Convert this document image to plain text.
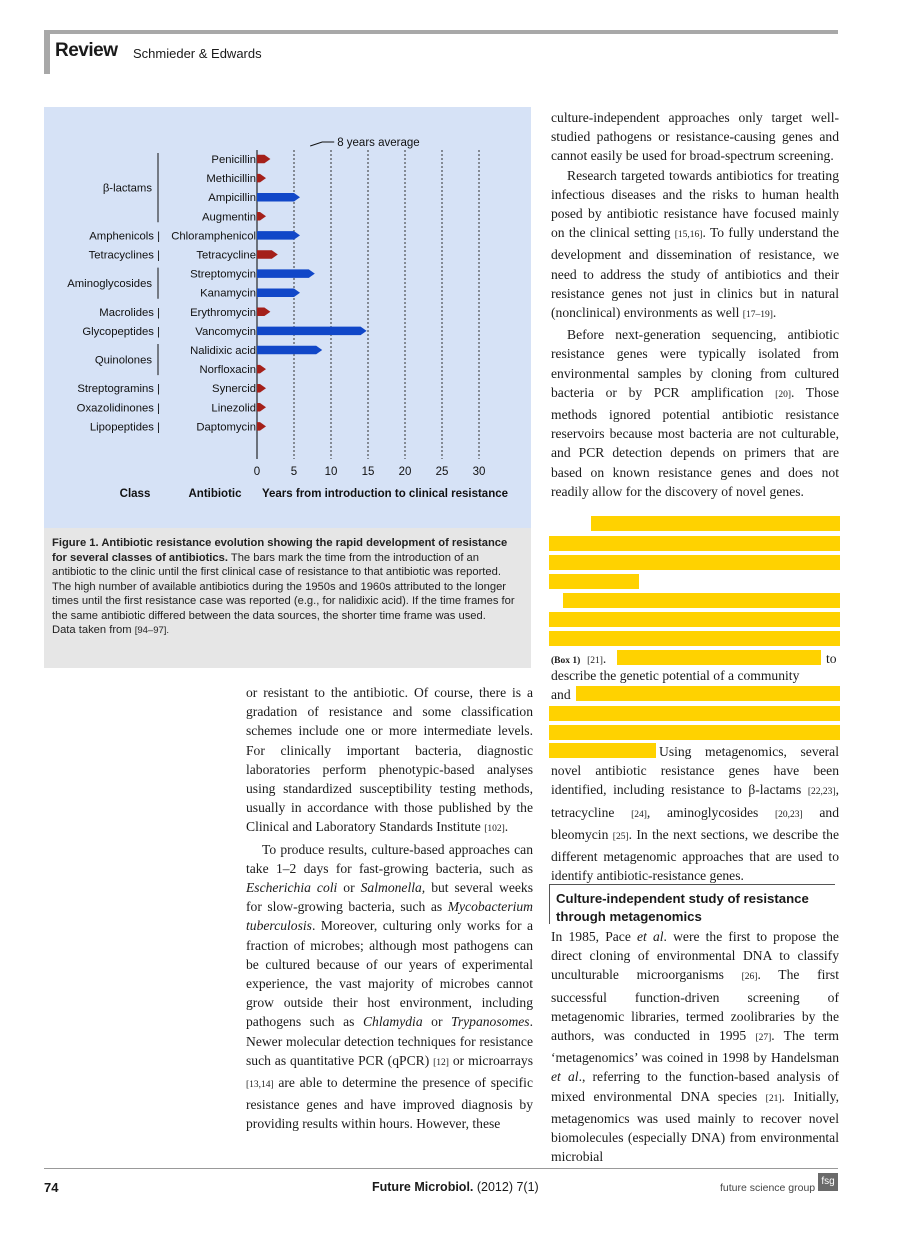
Review Schmieder & Edwards
0	5 10 15 20 25 30
Penicillin
Methicillin
Ampicillin
Augmentin
Chloramphenicol
Tetracycline
Streptomycin
Kanamycin
Erythromycin
Vancomycin
Nalidixic acid
Norfloxacin
Synercid
Linezolid
Daptomycin
β-lactams
Amphenicols |
Tetracyclines |
Aminoglycosides
Macrolides |
Glycopeptides |
Quinolones
Streptogramins |
Oxazolidinones |
Lipopeptides |
8 years average
Class	Antibiotic Years from introduction to clinical resistance
Figure 1. Antibiotic resistance evolution showing the rapid development of resistance for several classes of antibiotics. The bars mark the time from the introduction of an antibiotic to the clinic until the first clinical case of resistance to that antibiotic was reported. The high number of available antibiotics during the 1950s and 1960s attributed to the longer times until the first resistance case was reported (e.g., for nalidixic acid). If the time frames for the same antibiotic differed between the data sources, the shorter time frame was used.
Data taken from [94–97].

or resistant to the antibiotic. Of course, there is a gradation of resistance and some classification schemes include one or more intermediate levels. For clinically important bacteria, diagnostic laboratories perform phenotypic-based analyses using standardized susceptibility testing methods, usually in accordance with those published by the Clinical and Laboratory Standards Institute [102].

To produce results, culture-based approaches can take 1–2 days for fast-growing bacteria, such as Escherichia coli or Salmonella, but several weeks for slow-growing bacteria, such as Mycobacterium tuberculosis. Moreover, culturing only works for a fraction of microbes; although most pathogens can be cultured because of our years of experimental experience, the vast majority of microbes cannot grow outside their host environment, including pathogens such as Chlamydia or Trypanosomes. Newer molecular detection techniques for resistance such as quantitative PCR (qPCR) [12] or microarrays [13,14] are able to determine the presence of specific resistance genes and have improved diagnosis by providing results within hours. However, these

culture-independent approaches only target well-studied pathogens or resistance-causing genes and cannot easily be used for broad-spectrum screening.

Research targeted towards antibiotics for treating infectious diseases and the risks to human health posed by antibiotic resistance have focused mainly on the clinical setting [15,16]. To fully understand the development and dissemination of resistance, we need to address the study of antibiotics and their resistance genes not just in clinics but in natural (nonclinical) environments as well [17–19].

Before next-generation sequencing, antibiotic resistance genes were typically isolated from environmental samples by cloning from cultured bacteria or by PCR amplification [20]. Those methods ignored potential antibiotic resistance reservoirs because most bacteria are not culturable, and PCR detection depends on primers that are based on known resistance genes and does not readily allow for the discovery of novel genes.

(Box 1) [21].	to
describe the genetic potential of a community
and

Using metagenomics, several novel antibiotic resistance genes have been identified, including resistance to β-lactams [22,23], tetracycline [24], aminoglycosides [20,23] and bleomycin [25]. In the next sections, we describe the different metagenomic approaches that are used to identify antibiotic-resistance genes.

Culture-independent study of resistance through metagenomics

In 1985, Pace et al. were the first to propose the direct cloning of environmental DNA to classify unculturable microorganisms [26]. The first successful function-driven screening of metagenomic libraries, termed zoolibraries by the authors, was conducted in 1995 [27]. The term ‘metagenomics’ was coined in 1998 by Handelsman et al., referring to the function-based analysis of mixed environmental DNA species [21]. Initially, metagenomics was used mainly to recover novel biomolecules (especially DNA) from environmental microbial

74	Future Microbiol. (2012) 7(1)	future science group
fsg
